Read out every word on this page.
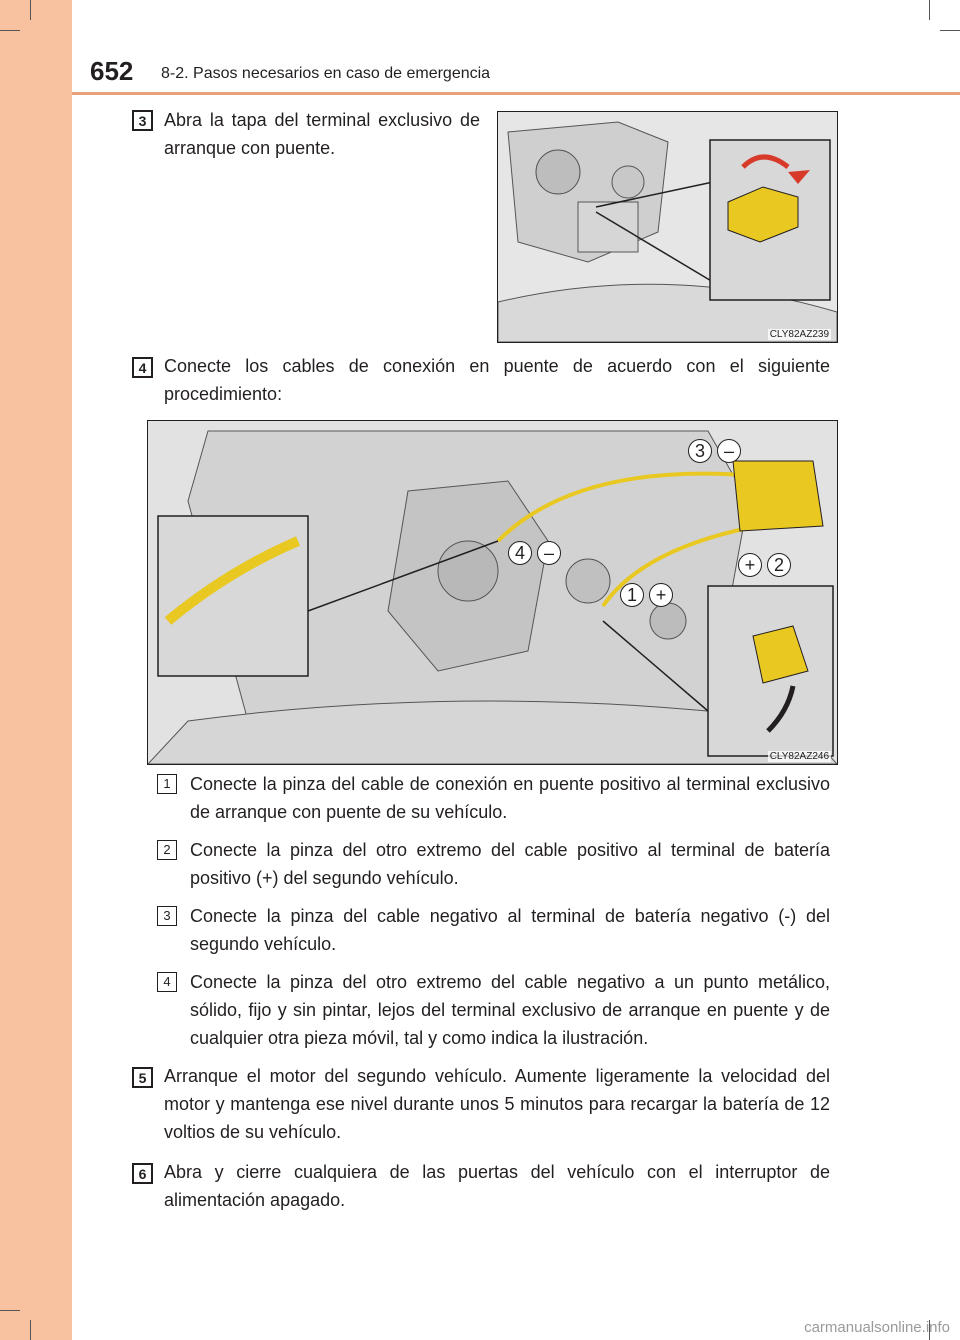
652 8-2. Pasos necesarios en caso de emergencia
3 Abra la tapa del terminal exclusivo de arranque con puente.
CLY82AZ239
4 Conecte los cables de conexión en puente de acuerdo con el siguiente procedimiento:
3 –
4 –
+ 2
1 +
CLY82AZ246
1	Conecte la pinza del cable de conexión en puente positivo al terminal exclusivo de arranque con puente de su vehículo.
2	Conecte la pinza del otro extremo del cable positivo al terminal de batería positivo (+) del segundo vehículo.
3	Conecte la pinza del cable negativo al terminal de batería negativo (-) del segundo vehículo.
4	Conecte la pinza del otro extremo del cable negativo a un punto metálico, sólido, fijo y sin pintar, lejos del terminal exclusivo de arranque en puente y de cualquier otra pieza móvil, tal y como indica la ilustración.
5 Arranque el motor del segundo vehículo. Aumente ligeramente la velocidad del motor y mantenga ese nivel durante unos 5 minutos para recargar la batería de 12 voltios de su vehículo.
6 Abra y cierre cualquiera de las puertas del vehículo con el interruptor de alimentación apagado.
carmanualsonline.info
